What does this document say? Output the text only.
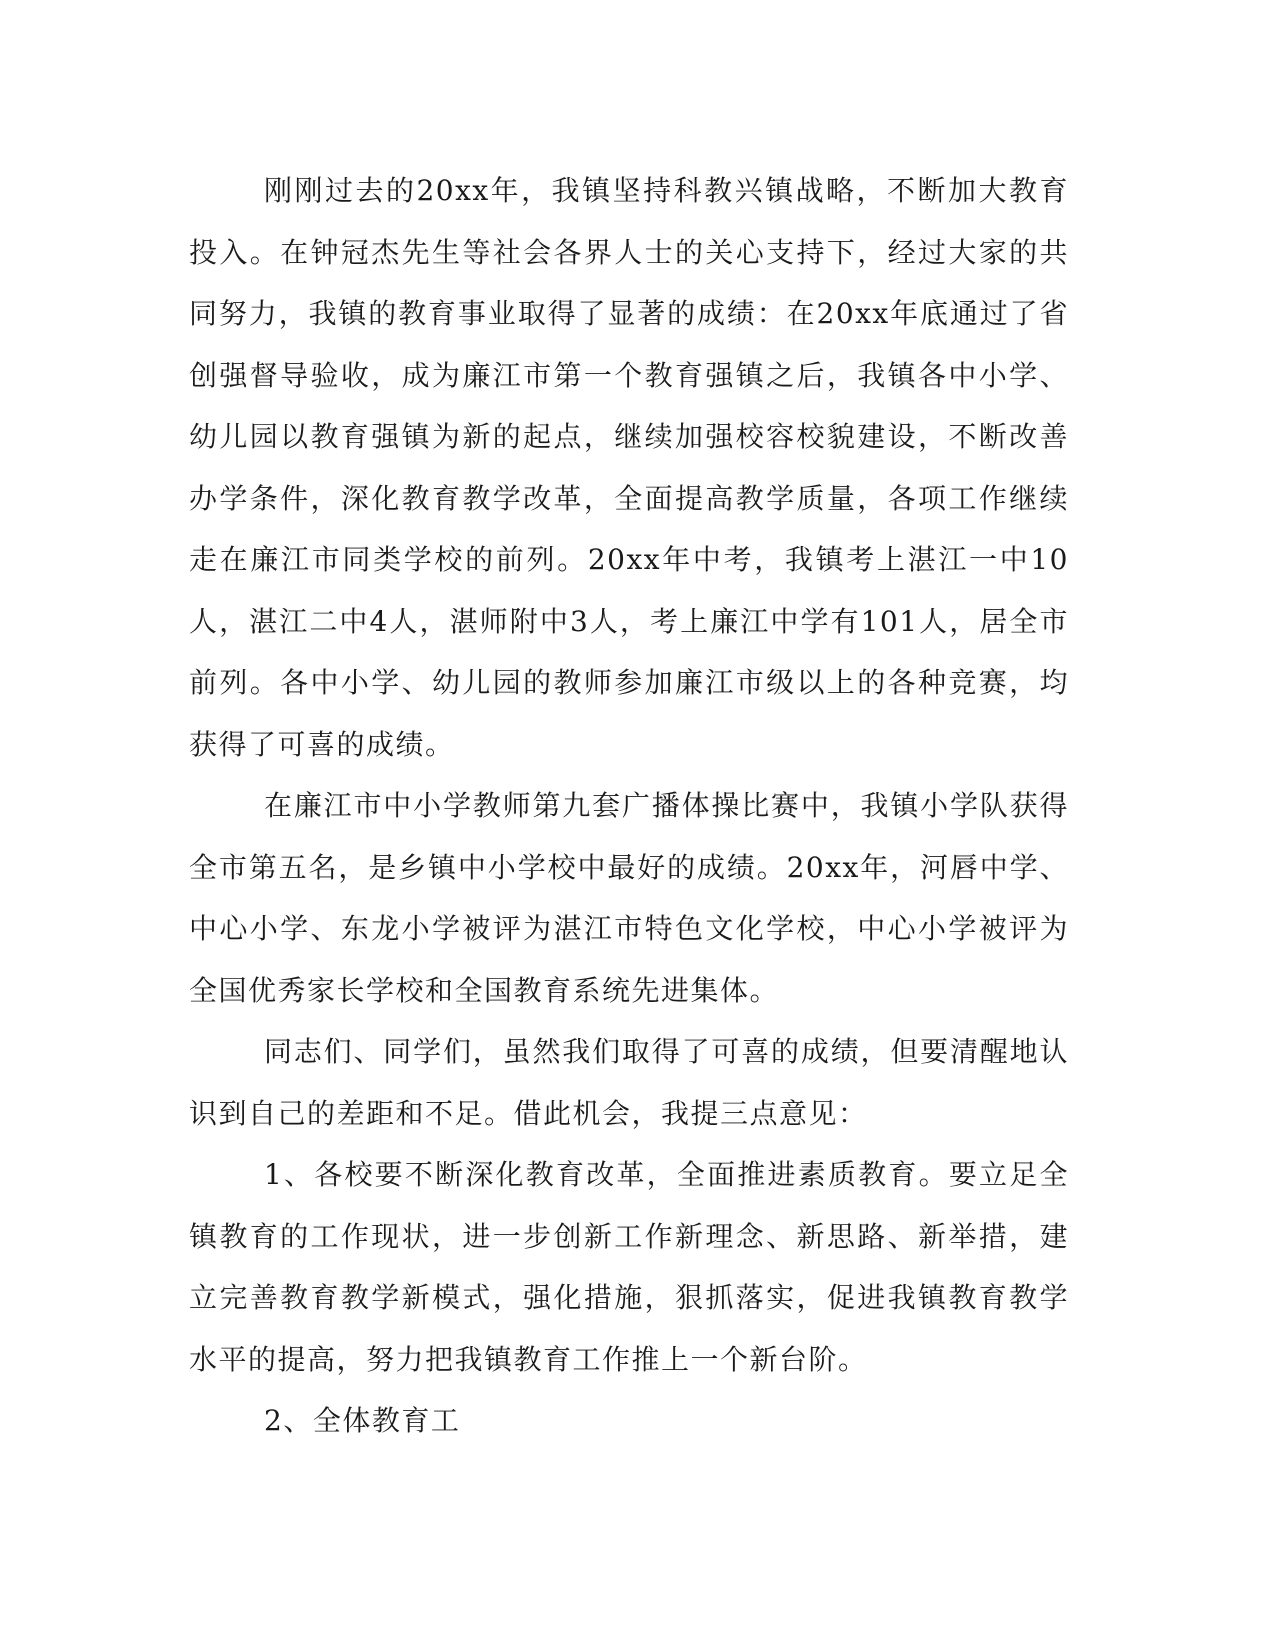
刚刚过去的20xx年，我镇坚持科教兴镇战略，不断加大教育投入。在钟冠杰先生等社会各界人士的关心支持下，经过大家的共同努力，我镇的教育事业取得了显著的成绩：在20xx年底通过了省创强督导验收，成为廉江市第一个教育强镇之后，我镇各中小学、幼儿园以教育强镇为新的起点，继续加强校容校貌建设，不断改善办学条件，深化教育教学改革，全面提高教学质量，各项工作继续走在廉江市同类学校的前列。20xx年中考，我镇考上湛江一中10人，湛江二中4人，湛师附中3人，考上廉江中学有101人，居全市前列。各中小学、幼儿园的教师参加廉江市级以上的各种竞赛，均获得了可喜的成绩。

在廉江市中小学教师第九套广播体操比赛中，我镇小学队获得全市第五名，是乡镇中小学校中最好的成绩。20xx年，河唇中学、中心小学、东龙小学被评为湛江市特色文化学校，中心小学被评为全国优秀家长学校和全国教育系统先进集体。

同志们、同学们，虽然我们取得了可喜的成绩，但要清醒地认识到自己的差距和不足。借此机会，我提三点意见：

1、各校要不断深化教育改革，全面推进素质教育。要立足全镇教育的工作现状，进一步创新工作新理念、新思路、新举措，建立完善教育教学新模式，强化措施，狠抓落实，促进我镇教育教学水平的提高，努力把我镇教育工作推上一个新台阶。

2、全体教育工
